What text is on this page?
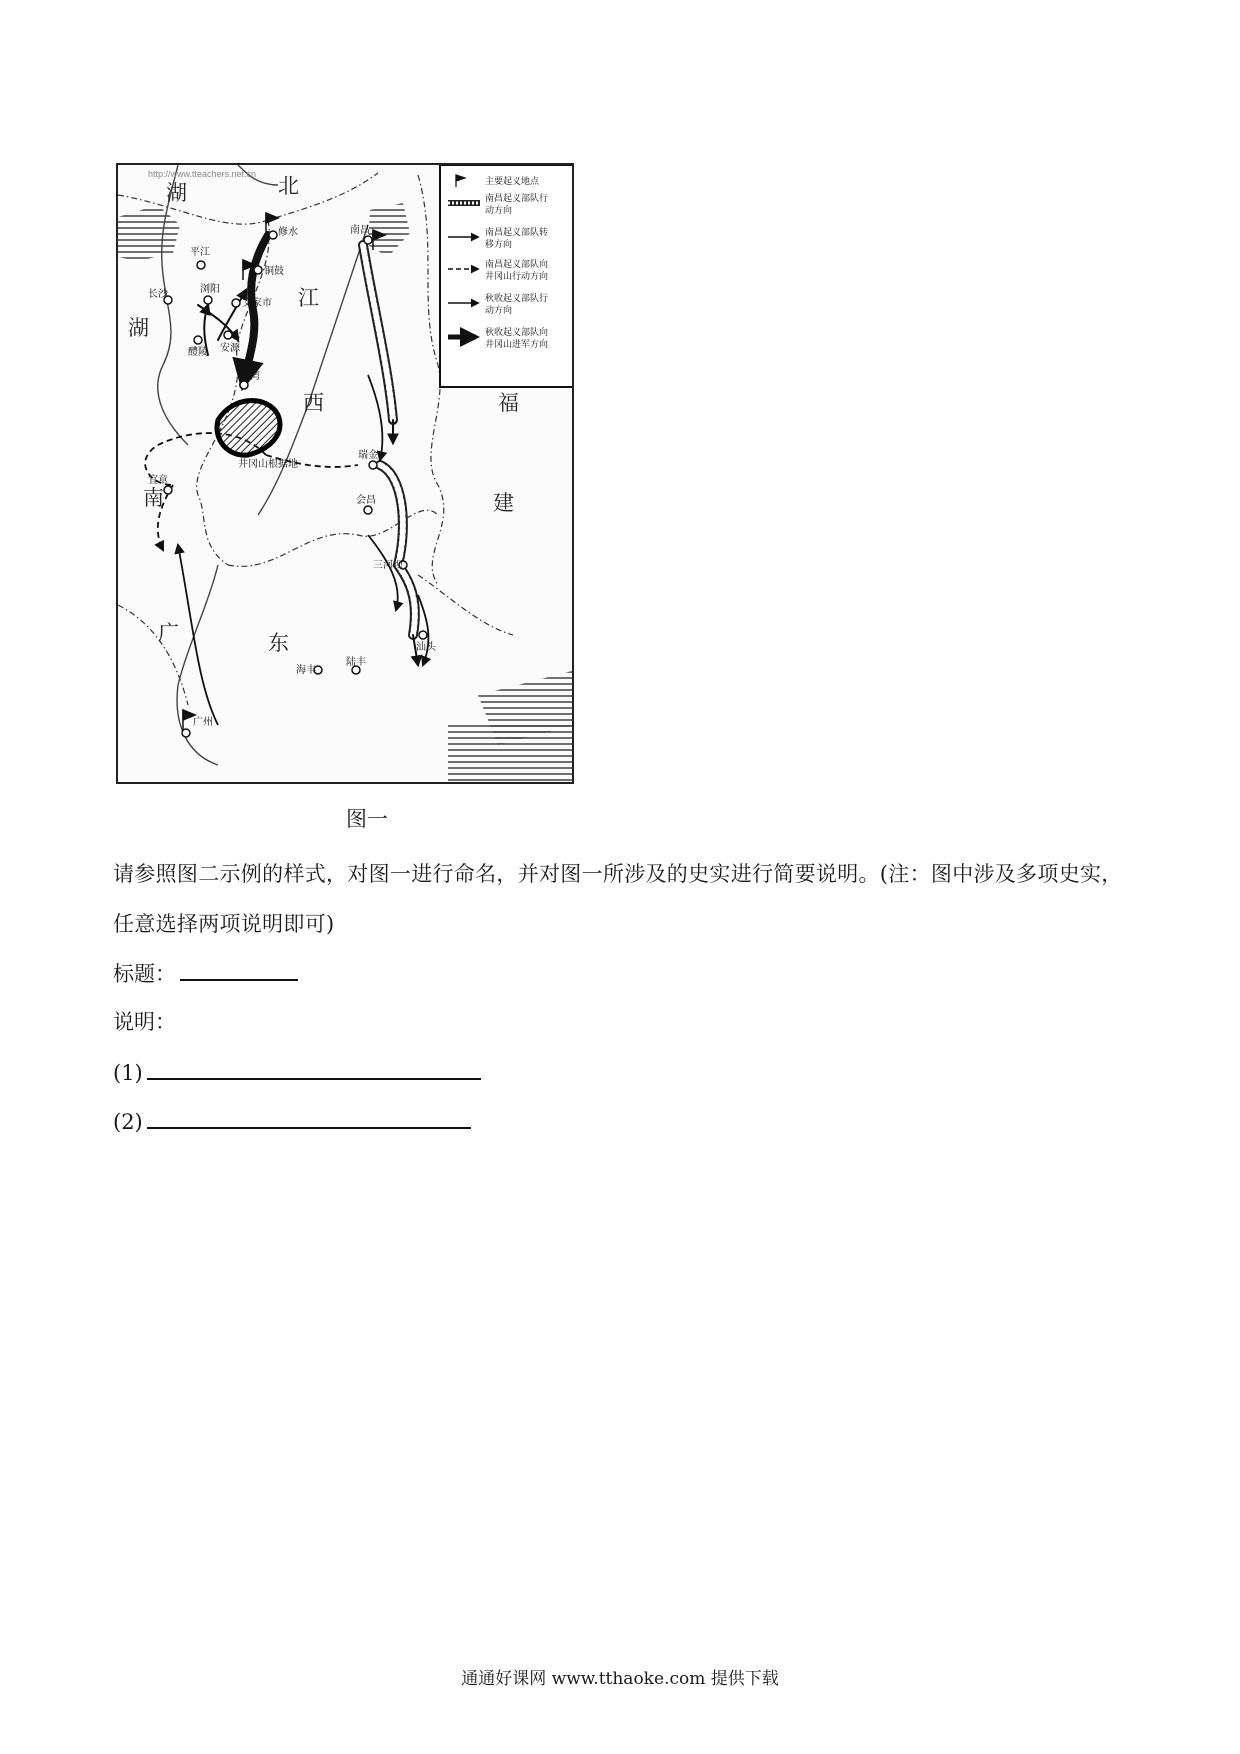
湖	北
湖
南
江
西	福
建
广	东
修水
平江
铜鼓
浏阳
长沙
文家市
醴陵 安源
三湾
井冈山根据地
南昌
瑞金
会昌
宜章
三河坝
汕头
海丰
陆丰
广州
http://www.tteachers.net.cn
主要起义地点
南昌起义部队行
动方向
南昌起义部队转
移方向
南昌起义部队向
井冈山行动方向
秋收起义部队行
动方向
秋收起义部队向
井冈山进军方向
图一
请参照图二示例的样式，对图一进行命名，并对图一所涉及的史实进行简要说明。(注：图中涉及多项史实，
任意选择两项说明即可)
标题：
说明：
(1)
(2)
通通好课网 www.tthaoke.com 提供下载
